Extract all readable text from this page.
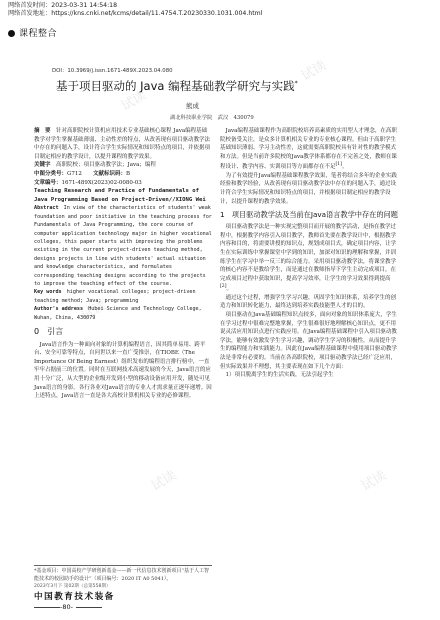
试读
试读
试读
试读
试读	试读
网络首发时间：2023-03-31 14:54:18
网络首发地址：https://kns.cnki.net/kcms/detail/11.4754.T.20230330.1031.004.html
课程整合
DOI：10.3969/j.issn.1671-489X.2023.04.080
基于项目驱动的 Java 编程基础教学研究与实践*
熊成
湖北科技职业学院　武汉　430079

摘　要　 针对高职院校计算机应用技术专业基础核心课程 Java编程基础教学对学生掌握基础薄弱、主动性差的特点，从改善现有项目驱动教学法中存在的问题入手，设计符合学生实际情况和知识特点的项目，并依据项目制定相应的教学设计，以提升课程的教学效果。

关键字　 高职院校；项目驱动教学法；Java；编程

中图分类号：G712　　 文献标识码：B
文章编号：1671-489X(2023)02-0080-03

Teaching Research and Practice of Fundamentals of Java Programming Based on Project-Driven//XIONG Wei

Abstract　 In view of the characteristics of students' weak foundation and poor initiative in the teaching process for Fundamentals of Java Programming, the core course of computer application technology major in higher vocational colleges, this paper starts with improving the problems existing in the current project-driven teaching method, designs projects in line with students' actual situation and knowledge characteristics, and formulates corresponding teaching designs according to the projects to improve the teaching effect of the course.

Key words　 higher vocational colleges; project-driven teaching method; Java; programming

Author's address　 Hubei Science and Technology College, Wuhan, China, 430079

0　引言

Java语言作为一种面向对象的计算机编程语言，因其简单易用、跨平台、安全可靠等特点，自问世以来一直广受推崇，在TIOBE（The Importance Of Being Earnest）组织发布的编程语言排行榜中，一直牢牢占据前三的位置。同时在互联网技术高速发展的今天，Java语言的应用十分广泛，从大型的企业级开发到小型的移动设备应用开发，随处可见Java语言的身影。各行各业对Java语言的专业人才需求量正逐年递增。因上述特点，Java语言一直是各大高校计算机相关专业的必修课程。

Java编程基础课程作为高职院校培养高素质的实用型人才理念，在高职院校备受关注，是众多计算机相关专业的专业核心课程。但由于高职学生基础知识薄弱、学习主动性差，这就需要高职院校具有针对性的教学模式和方法。但是当前许多院校的Java教学体系都存在不完善之处，教师在课程设计、教学内容、实训项目等方面都存在不足[1]。

为了有效提升Java编程基础课程教学效果，笔者将结合多年的企业实践经验和教学经验，从改善现有项目驱动教学法中存在的问题入手，通过设计符合学生实际情况和知识特点的项目，并根据项目制定相应的教学设计，以提升课程的教学效果。

1　项目驱动教学法及当前在Java语言教学中存在的问题

项目驱动教学法是一种实现完整项目而开展的教学活动，是指在教学过程中，根据教学内容引入项目教学，教师首先要在教学设计中，根据教学内容和目的，将需要讲授的知识点，规划成项目式，确定项目内容，让学生在实际训练中掌握课堂中学到的知识，加深对知识的理解和掌握，并训练学生在学习中举一反三的综合能力。采用项目驱动教学法，将课堂教学的核心内容不是教给学生，而是通过在教师指导下学生主动完成项目，在完成项目过程中获取知识，提高学习效率，让学生的学习效果得到提高[2]。

通过这个过程，增强学生学习兴趣，巩固学生知识体系，培养学生的创造力和知识转化能力，最终达到培养实践技能型人才的目的。

项目驱动在Java基础编程知识点较多，面向对象的知识体系庞大，学生在学习过程中很难完整地掌握，学生很难很好地理解核心知识点，更不用说灵活应用知识点进行实践应用。在Java编程基础课程中引入项目驱动教学法，能够有效激发学生学习兴趣，调动学生学习的积极性，从而提升学生的编程能力和实践能力。因此在Java编程基础课程中使用项目驱动教学法是非常有必要的。当前在各高职院校，项目驱动教学法已经广泛应用，但实际效果并不理想，其主要表现在如下几个方面：

1）项目脱离学生的生活实践，无法引起学生

*基金项目：中国高校产学研创新基金——新一代信息技术创新项目“基于人工智能技术的校园助手的设计”（项目编号：2020 IT A0 5041）。
2023年3月下 第02期（总第558期）
中国教育技术装备
-80-
